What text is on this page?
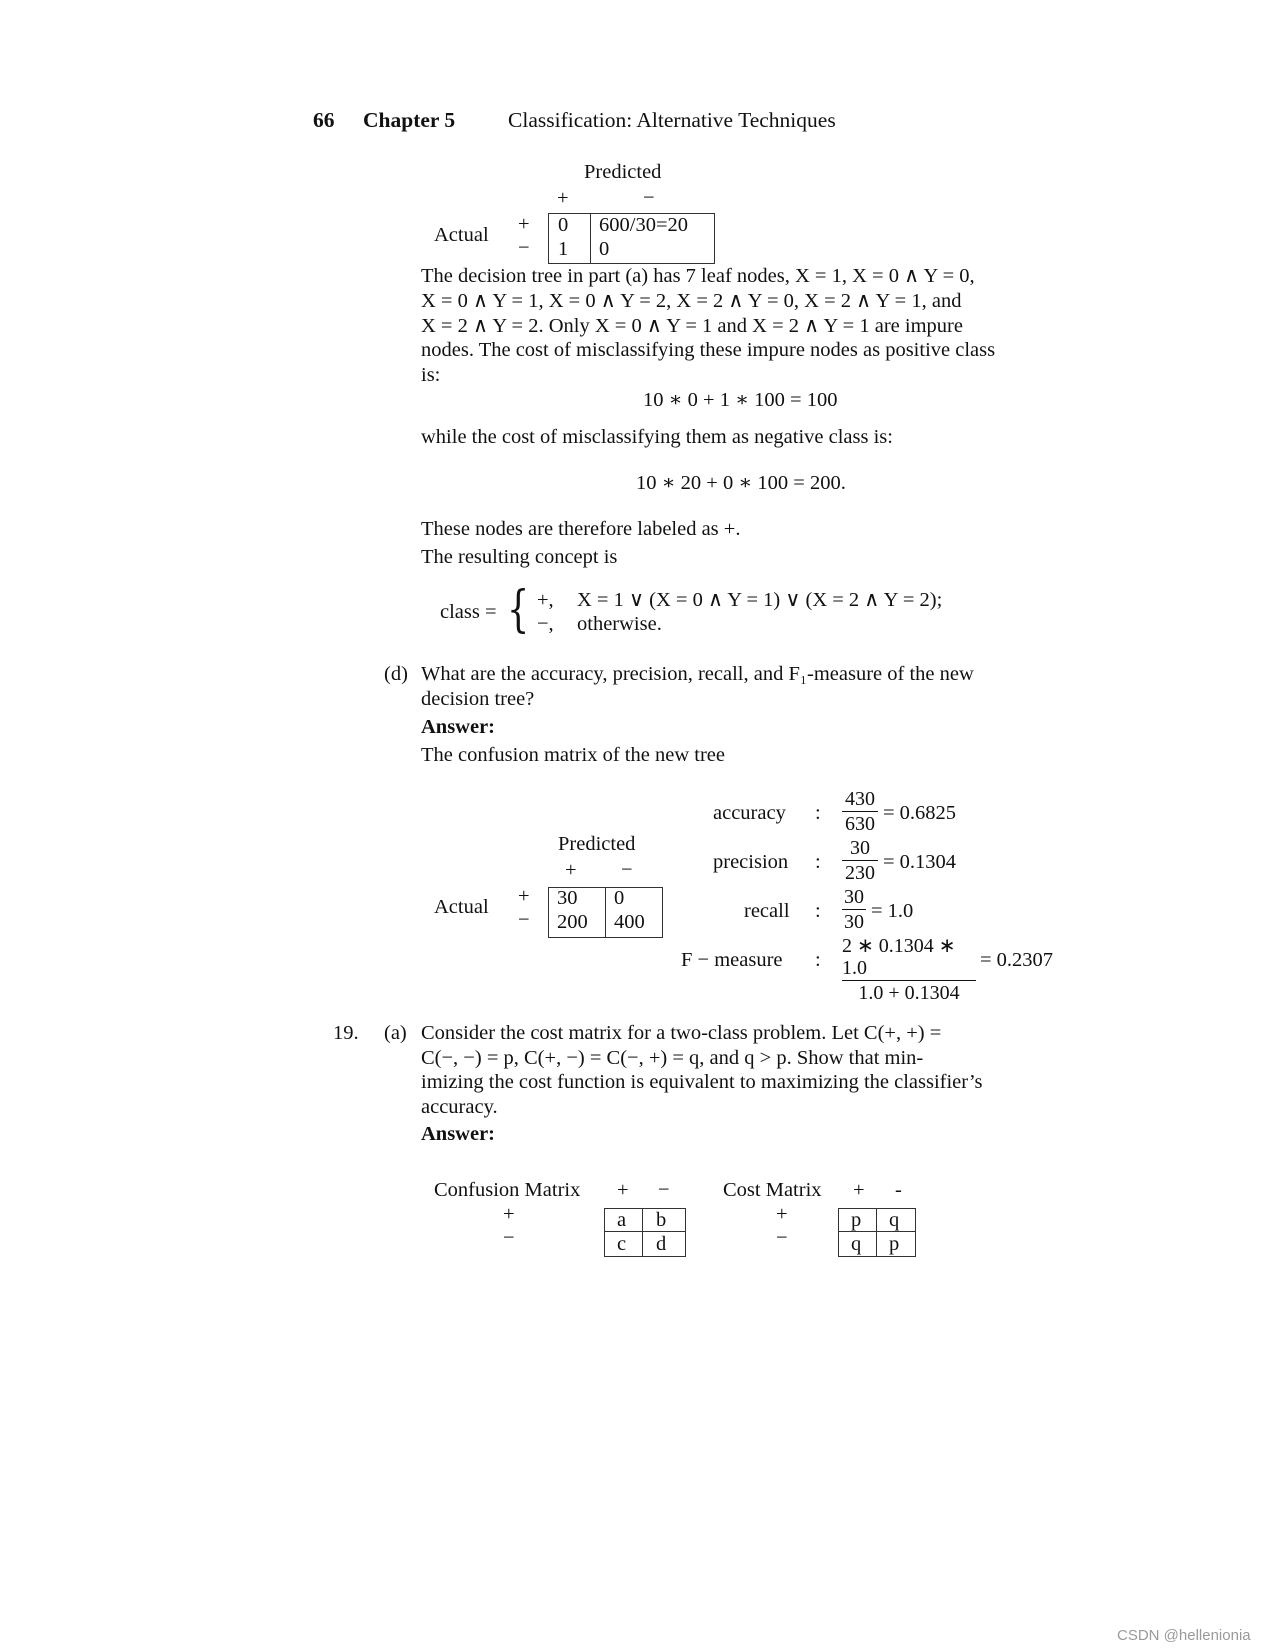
66 Chapter 5 Classification: Alternative Techniques
Predicted
+	−
Actual +
−
0 600/30=20
1 0
The decision tree in part (a) has 7 leaf nodes, X = 1, X = 0 ∧ Y = 0,
X = 0 ∧ Y = 1, X = 0 ∧ Y = 2, X = 2 ∧ Y = 0, X = 2 ∧ Y = 1, and
X = 2 ∧ Y = 2. Only X = 0 ∧ Y = 1 and X = 2 ∧ Y = 1 are impure
nodes. The cost of misclassifying these impure nodes as positive class
is:
10 ∗ 0 + 1 ∗ 100 = 100
while the cost of misclassifying them as negative class is:
10 ∗ 20 + 0 ∗ 100 = 200.
These nodes are therefore labeled as +.
The resulting concept is
class = { +, X = 1 ∨ (X = 0 ∧ Y = 1) ∨ (X = 2 ∧ Y = 2);
−, otherwise.
(d) What are the accuracy, precision, recall, and F₁-measure of the new
decision tree?
Answer:
The confusion matrix of the new tree
Predicted
+ −
Actual +
−
30 0
200 400
accuracy :
430
630 = 0.6825
precision :
30
230 = 0.1304
recall :
30
30 = 1.0
F − measure :
2 ∗ 0.1304 ∗ 1.0
1.0 + 0.1304
= 0.2307
19. (a) Consider the cost matrix for a two-class problem. Let C(+, +) =
C(−, −) = p, C(+, −) = C(−, +) = q, and q > p. Show that min-
imizing the cost function is equivalent to maximizing the classifier’s
accuracy.
Answer:
Confusion Matrix + −
+
−
a b
c d
Cost Matrix + -
+
−
p q
q p
CSDN @hellenionia
